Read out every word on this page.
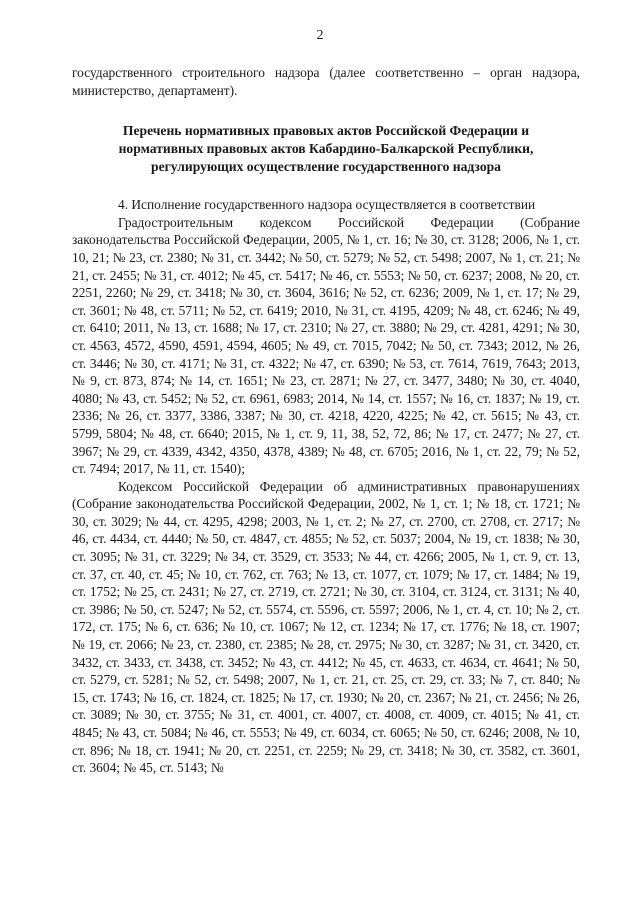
2

государственного строительного надзора (далее соответственно – орган надзора, министерство, департамент).

Перечень нормативных правовых актов Российской Федерации и
нормативных правовых актов Кабардино-Балкарской Республики,
регулирующих осуществление государственного надзора

4. Исполнение государственного надзора осуществляется в соответствии

Градостроительным кодексом Российской Федерации (Собрание законодательства Российской Федерации, 2005, № 1, ст. 16; № 30, ст. 3128; 2006, № 1, ст. 10, 21; № 23, ст. 2380; № 31, ст. 3442; № 50, ст. 5279; № 52, ст. 5498; 2007, № 1, ст. 21; № 21, ст. 2455; № 31, ст. 4012; № 45, ст. 5417; № 46, ст. 5553; № 50, ст. 6237; 2008, № 20, ст. 2251, 2260; № 29, ст. 3418; № 30, ст. 3604, 3616; № 52, ст. 6236; 2009, № 1, ст. 17; № 29, ст. 3601; № 48, ст. 5711; № 52, ст. 6419; 2010, № 31, ст. 4195, 4209; № 48, ст. 6246; № 49, ст. 6410; 2011, № 13, ст. 1688; № 17, ст. 2310; № 27, ст. 3880; № 29, ст. 4281, 4291; № 30, ст. 4563, 4572, 4590, 4591, 4594, 4605; № 49, ст. 7015, 7042; № 50, ст. 7343; 2012, № 26, ст. 3446; № 30, ст. 4171; № 31, ст. 4322; № 47, ст. 6390; № 53, ст. 7614, 7619, 7643; 2013, № 9, ст. 873, 874; № 14, ст. 1651; № 23, ст. 2871; № 27, ст. 3477, 3480; № 30, ст. 4040, 4080; № 43, ст. 5452; № 52, ст. 6961, 6983; 2014, № 14, ст. 1557; № 16, ст. 1837; № 19, ст. 2336; № 26, ст. 3377, 3386, 3387; № 30, ст. 4218, 4220, 4225; № 42, ст. 5615; № 43, ст. 5799, 5804; № 48, ст. 6640; 2015, № 1, ст. 9, 11, 38, 52, 72, 86; № 17, ст. 2477; № 27, ст. 3967; № 29, ст. 4339, 4342, 4350, 4378, 4389; № 48, ст. 6705; 2016, № 1, ст. 22, 79; № 52, ст. 7494; 2017, № 11, ст. 1540);

Кодексом Российской Федерации об административных правонарушениях (Собрание законодательства Российской Федерации, 2002, № 1, ст. 1; № 18, ст. 1721; № 30, ст. 3029; № 44, ст. 4295, 4298; 2003, № 1, ст. 2; № 27, ст. 2700, ст. 2708, ст. 2717; № 46, ст. 4434, ст. 4440; № 50, ст. 4847, ст. 4855; № 52, ст. 5037; 2004, № 19, ст. 1838; № 30, ст. 3095; № 31, ст. 3229; № 34, ст. 3529, ст. 3533; № 44, ст. 4266; 2005, № 1, ст. 9, ст. 13, ст. 37, ст. 40, ст. 45; № 10, ст. 762, ст. 763; № 13, ст. 1077, ст. 1079; № 17, ст. 1484; № 19, ст. 1752; № 25, ст. 2431; № 27, ст. 2719, ст. 2721; № 30, ст. 3104, ст. 3124, ст. 3131; № 40, ст. 3986; № 50, ст. 5247; № 52, ст. 5574, ст. 5596, ст. 5597; 2006, № 1, ст. 4, ст. 10; № 2, ст. 172, ст. 175; № 6, ст. 636; № 10, ст. 1067; № 12, ст. 1234; № 17, ст. 1776; № 18, ст. 1907; № 19, ст. 2066; № 23, ст. 2380, ст. 2385; № 28, ст. 2975; № 30, ст. 3287; № 31, ст. 3420, ст. 3432, ст. 3433, ст. 3438, ст. 3452; № 43, ст. 4412; № 45, ст. 4633, ст. 4634, ст. 4641; № 50, ст. 5279, ст. 5281; № 52, ст. 5498; 2007, № 1, ст. 21, ст. 25, ст. 29, ст. 33; № 7, ст. 840; № 15, ст. 1743; № 16, ст. 1824, ст. 1825; № 17, ст. 1930; № 20, ст. 2367; № 21, ст. 2456; № 26, ст. 3089; № 30, ст. 3755; № 31, ст. 4001, ст. 4007, ст. 4008, ст. 4009, ст. 4015; № 41, ст. 4845; № 43, ст. 5084; № 46, ст. 5553; № 49, ст. 6034, ст. 6065; № 50, ст. 6246; 2008, № 10, ст. 896; № 18, ст. 1941; № 20, ст. 2251, ст. 2259; № 29, ст. 3418; № 30, ст. 3582, ст. 3601, ст. 3604; № 45, ст. 5143; №
